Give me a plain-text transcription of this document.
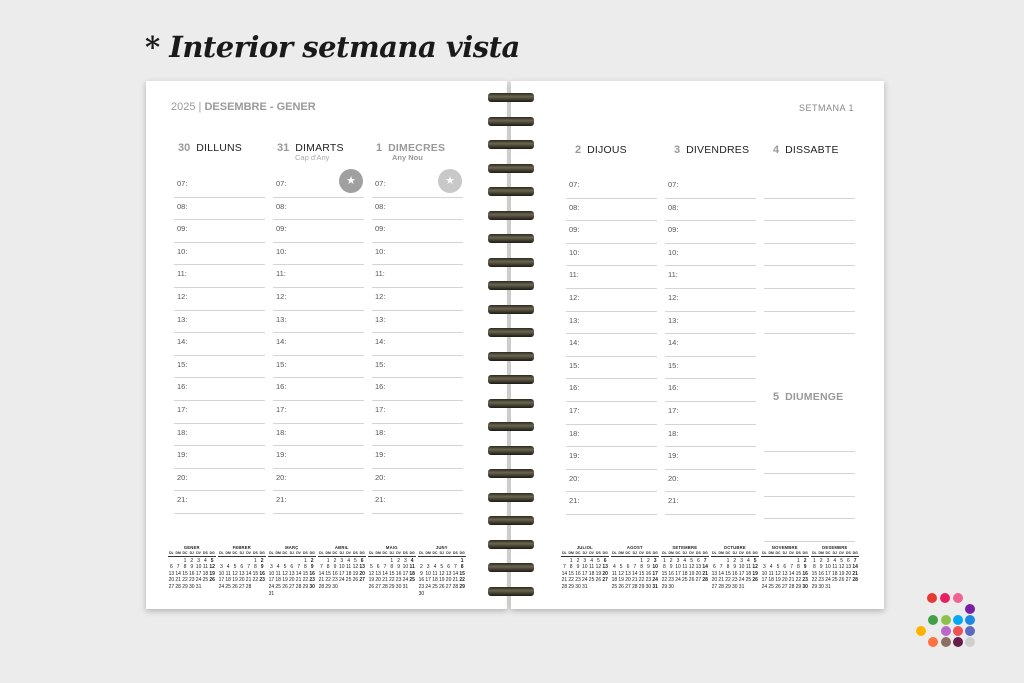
* Interior setmana vista
2025 | DESEMBRE - GENER
30 DILLUNS
07:
08:
09:
10:
11:
12:
13:
14:
15:
16:
17:
18:
19:
20:
21:
31 DIMARTS
Cap d'Any
★
07:
08:
09:
10:
11:
12:
13:
14:
15:
16:
17:
18:
19:
20:
21:
1 DIMECRES
Any Nou
★
07:
08:
09:
10:
11:
12:
13:
14:
15:
16:
17:
18:
19:
20:
21:
GENER
DL DM DC DJ DV DS DG
1 2 3 4 5
6 7 8 9 10 11 12
13 14 15 16 17 18 19
20 21 22 23 24 25 26
27 28 29 30 31
FEBRER
DL DM DC DJ DV DS DG
1 2
3 4 5 6 7 8 9
10 11 12 13 14 15 16
17 18 19 20 21 22 23
24 25 26 27 28
MARÇ
DL DM DC DJ DV DS DG
1 2
3 4 5 6 7 8 9
10 11 12 13 14 15 16
17 18 19 20 21 22 23
24 25 26 27 28 29 30
31
ABRIL
DL DM DC DJ DV DS DG
1 2 3 4 5 6
7 8 9 10 11 12 13
14 15 16 17 18 19 20
21 22 23 24 25 26 27
28 29 30
MAIG
DL DM DC DJ DV DS DG
1 2 3 4
5 6 7 8 9 10 11
12 13 14 15 16 17 18
19 20 21 22 23 24 25
26 27 28 29 30 31
JUNY
DL DM DC DJ DV DS DG
1
2 3 4 5 6 7 8
9 10 11 12 13 14 15
16 17 18 19 20 21 22
23 24 25 26 27 28 29
30
SETMANA 1
2 DIJOUS
07:
08:
09:
10:
11:
12:
13:
14:
15:
16:
17:
18:
19:
20:
21:
3 DIVENDRES
07:
08:
09:
10:
11:
12:
13:
14:
15:
16:
17:
18:
19:
20:
21:
4 DISSABTE
5 DIUMENGE
JULIOL
DL DM DC DJ DV DS DG
1 2 3 4 5 6
7 8 9 10 11 12 13
14 15 16 17 18 19 20
21 22 23 24 25 26 27
28 29 30 31
AGOST
DL DM DC DJ DV DS DG
1 2 3
4 5 6 7 8 9 10
11 12 13 14 15 16 17
18 19 20 21 22 23 24
25 26 27 28 29 30 31
SETEMBRE
DL DM DC DJ DV DS DG
1 2 3 4 5 6 7
8 9 10 11 12 13 14
15 16 17 18 19 20 21
22 23 24 25 26 27 28
29 30
OCTUBRE
DL DM DC DJ DV DS DG
1 2 3 4 5
6 7 8 9 10 11 12
13 14 15 16 17 18 19
20 21 22 23 24 25 26
27 28 29 30 31
NOVEMBRE
DL DM DC DJ DV DS DG
1 2
3 4 5 6 7 8 9
10 11 12 13 14 15 16
17 18 19 20 21 22 23
24 25 26 27 28 29 30
DESEMBRE
DL DM DC DJ DV DS DG
1 2 3 4 5 6 7
8 9 10 11 12 13 14
15 16 17 18 19 20 21
22 23 24 25 26 27 28
29 30 31
